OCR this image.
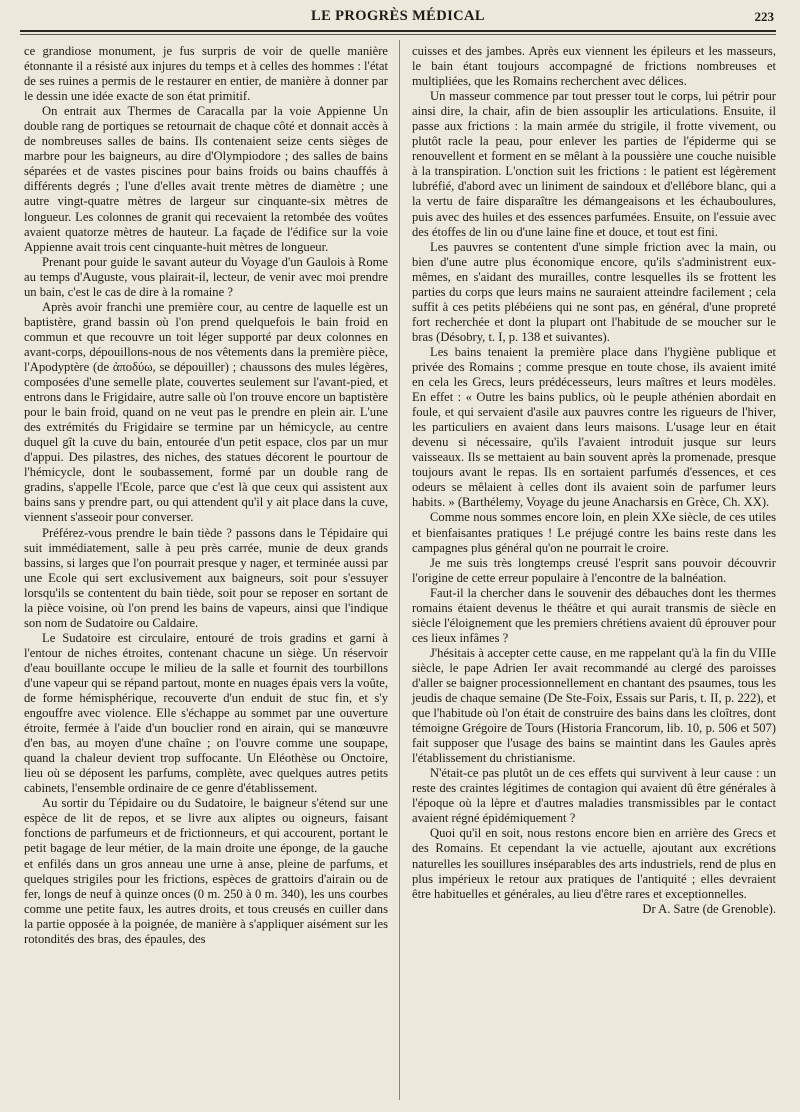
LE PROGRÈS MÉDICAL	223

ce grandiose monument, je fus surpris de voir de quelle manière étonnante il a résisté aux injures du temps et à celles des hommes : l'état de ses ruines a permis de le restaurer en entier, de manière à donner par le dessin une idée exacte de son état primitif.

On entrait aux Thermes de Caracalla par la voie Appienne Un double rang de portiques se retournait de chaque côté et donnait accès à de nombreuses salles de bains. Ils contenaient seize cents sièges de marbre pour les baigneurs, au dire d'Olympiodore ; des salles de bains séparées et de vastes piscines pour bains froids ou bains chauffés à différents degrés ; l'une d'elles avait trente mètres de diamètre ; une autre vingt-quatre mètres de largeur sur cinquante-six mètres de longueur. Les colonnes de granit qui recevaient la retombée des voûtes avaient quatorze mètres de hauteur. La façade de l'édifice sur la voie Appienne avait trois cent cinquante-huit mètres de longueur.

Prenant pour guide le savant auteur du Voyage d'un Gaulois à Rome au temps d'Auguste, vous plairait-il, lecteur, de venir avec moi prendre un bain, c'est le cas de dire à la romaine ?

Après avoir franchi une première cour, au centre de laquelle est un baptistère, grand bassin où l'on prend quelquefois le bain froid en commun et que recouvre un toit léger supporté par deux colonnes en avant-corps, dépouillons-nous de nos vêtements dans la première pièce, l'Apodyptère (de ἀποδύω, se dépouiller) ; chaussons des mules légères, composées d'une semelle plate, couvertes seulement sur l'avant-pied, et entrons dans le Frigidaire, autre salle où l'on trouve encore un baptistère pour le bain froid, quand on ne veut pas le prendre en plein air. L'une des extrémités du Frigidaire se termine par un hémicycle, au centre duquel gît la cuve du bain, entourée d'un petit espace, clos par un mur d'appui. Des pilastres, des niches, des statues décorent le pourtour de l'hémicycle, dont le soubassement, formé par un double rang de gradins, s'appelle l'Ecole, parce que c'est là que ceux qui assistent aux bains sans y prendre part, ou qui attendent qu'il y ait place dans la cuve, viennent s'asseoir pour converser.

Préférez-vous prendre le bain tiède ? passons dans le Tépidaire qui suit immédiatement, salle à peu près carrée, munie de deux grands bassins, si larges que l'on pourrait presque y nager, et terminée aussi par une Ecole qui sert exclusivement aux baigneurs, soit pour s'essuyer lorsqu'ils se contentent du bain tiède, soit pour se reposer en sortant de la pièce voisine, où l'on prend les bains de vapeurs, ainsi que l'indique son nom de Sudatoire ou Caldaire.

Le Sudatoire est circulaire, entouré de trois gradins et garni à l'entour de niches étroites, contenant chacune un siège. Un réservoir d'eau bouillante occupe le milieu de la salle et fournit des tourbillons d'une vapeur qui se répand partout, monte en nuages épais vers la voûte, de forme hémisphérique, recouverte d'un enduit de stuc fin, et s'y engouffre avec violence. Elle s'échappe au sommet par une ouverture étroite, fermée à l'aide d'un bouclier rond en airain, qui se manœuvre d'en bas, au moyen d'une chaîne ; on l'ouvre comme une soupape, quand la chaleur devient trop suffocante. Un Eléothèse ou Onctoire, lieu où se déposent les parfums, complète, avec quelques autres petits cabinets, l'ensemble ordinaire de ce genre d'établissement.

Au sortir du Tépidaire ou du Sudatoire, le baigneur s'étend sur une espèce de lit de repos, et se livre aux aliptes ou oigneurs, faisant fonctions de parfumeurs et de frictionneurs, et qui accourent, portant le petit bagage de leur métier, de la main droite une éponge, de la gauche et enfilés dans un gros anneau une urne à anse, pleine de parfums, et quelques strigiles pour les frictions, espèces de grattoirs d'airain ou de fer, longs de neuf à quinze onces (0 m. 250 à 0 m. 340), les uns courbes comme une petite faux, les autres droits, et tous creusés en cuiller dans la partie opposée à la poignée, de manière à s'appliquer aisément sur les rotondités des bras, des épaules, des

cuisses et des jambes. Après eux viennent les épileurs et les masseurs, le bain étant toujours accompagné de frictions nombreuses et multipliées, que les Romains recherchent avec délices.

Un masseur commence par tout presser tout le corps, lui pétrir pour ainsi dire, la chair, afin de bien assouplir les articulations. Ensuite, il passe aux frictions : la main armée du strigile, il frotte vivement, ou plutôt racle la peau, pour enlever les parties de l'épiderme qui se renouvellent et forment en se mêlant à la poussière une couche nuisible à la transpiration. L'onction suit les frictions : le patient est légèrement lubréfié, d'abord avec un liniment de saindoux et d'ellébore blanc, qui a la vertu de faire disparaître les démangeaisons et les échauboulures, puis avec des huiles et des essences parfumées. Ensuite, on l'essuie avec des étoffes de lin ou d'une laine fine et douce, et tout est fini.

Les pauvres se contentent d'une simple friction avec la main, ou bien d'une autre plus économique encore, qu'ils s'administrent eux-mêmes, en s'aidant des murailles, contre lesquelles ils se frottent les parties du corps que leurs mains ne sauraient atteindre facilement ; cela suffit à ces petits plébéiens qui ne sont pas, en général, d'une propreté fort recherchée et dont la plupart ont l'habitude de se moucher sur le bras (Désobry, t. I, p. 138 et suivantes).

Les bains tenaient la première place dans l'hygiène publique et privée des Romains ; comme presque en toute chose, ils avaient imité en cela les Grecs, leurs prédécesseurs, leurs maîtres et leurs modèles. En effet : « Outre les bains publics, où le peuple athénien abordait en foule, et qui servaient d'asile aux pauvres contre les rigueurs de l'hiver, les particuliers en avaient dans leurs maisons. L'usage leur en était devenu si nécessaire, qu'ils l'avaient introduit jusque sur leurs vaisseaux. Ils se mettaient au bain souvent après la promenade, presque toujours avant le repas. Ils en sortaient parfumés d'essences, et ces odeurs se mêlaient à celles dont ils avaient soin de parfumer leurs habits. » (Barthélemy, Voyage du jeune Anacharsis en Grèce, Ch. XX).

Comme nous sommes encore loin, en plein XXe siècle, de ces utiles et bienfaisantes pratiques ! Le préjugé contre les bains reste dans les campagnes plus général qu'on ne pourrait le croire.

Je me suis très longtemps creusé l'esprit sans pouvoir découvrir l'origine de cette erreur populaire à l'encontre de la balnéation.

Faut-il la chercher dans le souvenir des débauches dont les thermes romains étaient devenus le théâtre et qui aurait transmis de siècle en siècle l'éloignement que les premiers chrétiens avaient dû éprouver pour ces lieux infâmes ?

J'hésitais à accepter cette cause, en me rappelant qu'à la fin du VIIIe siècle, le pape Adrien Ier avait recommandé au clergé des paroisses d'aller se baigner processionnellement en chantant des psaumes, tous les jeudis de chaque semaine (De Ste-Foix, Essais sur Paris, t. II, p. 222), et que l'habitude où l'on était de construire des bains dans les cloîtres, dont témoigne Grégoire de Tours (Historia Francorum, lib. 10, p. 506 et 507) fait supposer que l'usage des bains se maintint dans les Gaules après l'établissement du christianisme.

N'était-ce pas plutôt un de ces effets qui survivent à leur cause : un reste des craintes légitimes de contagion qui avaient dû être générales à l'époque où la lèpre et d'autres maladies transmissibles par le contact avaient régné épidémiquement ?

Quoi qu'il en soit, nous restons encore bien en arrière des Grecs et des Romains. Et cependant la vie actuelle, ajoutant aux excrétions naturelles les souillures inséparables des arts industriels, rend de plus en plus impérieux le retour aux pratiques de l'antiquité ; elles devraient être habituelles et générales, au lieu d'être rares et exceptionnelles.

Dr A. Satre (de Grenoble).
